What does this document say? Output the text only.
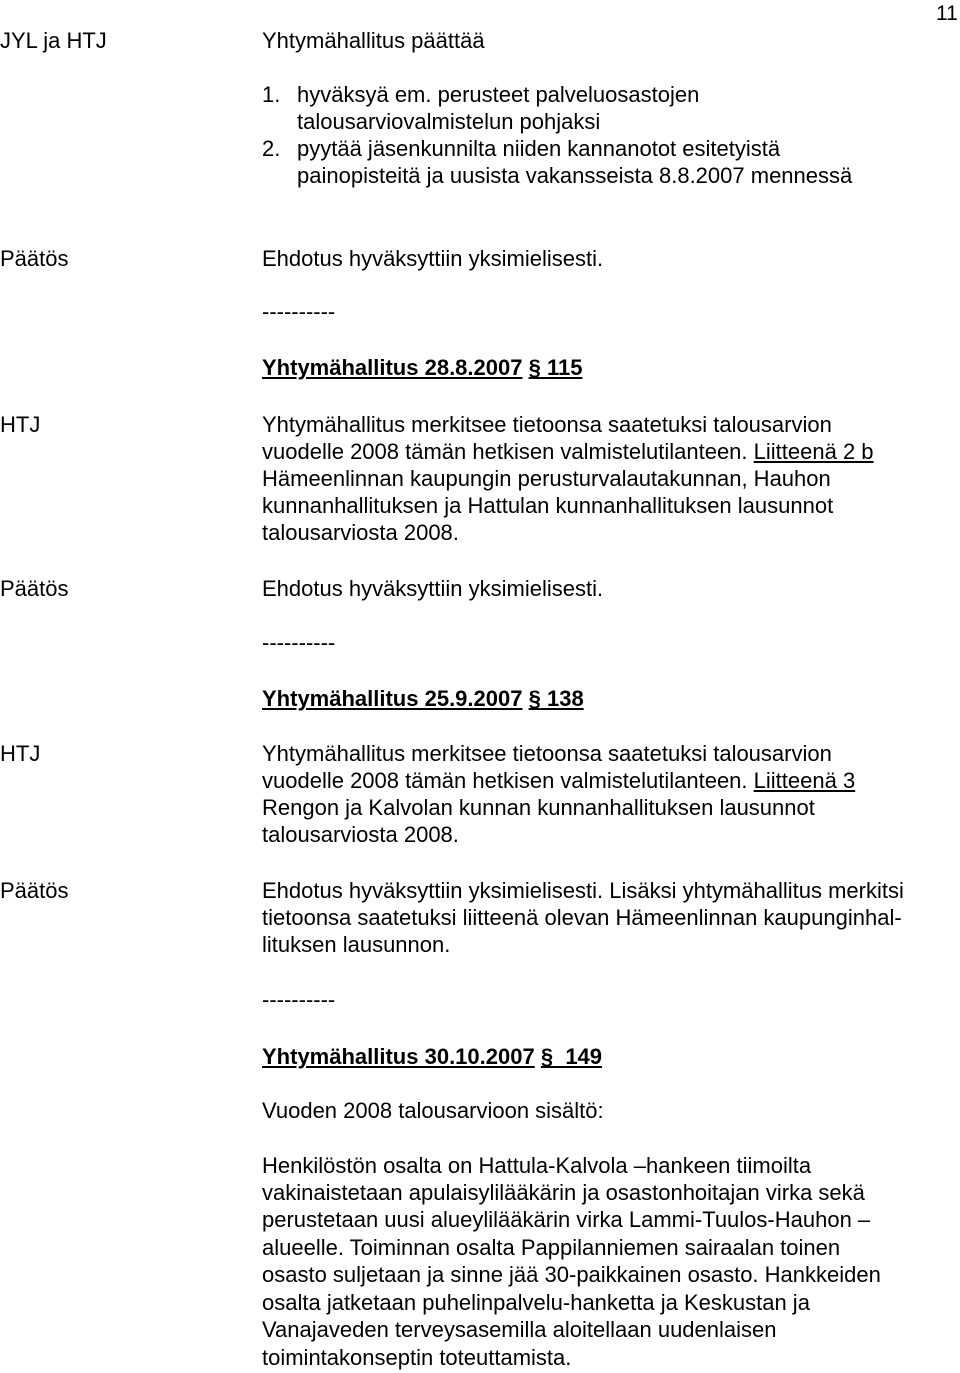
11
JYL ja HTJ	Yhtymähallitus päättää
1. hyväksyä em. perusteet palveluosastojen
talousarviovalmistelun pohjaksi
2. pyytää jäsenkunnilta niiden kannanotot esitetyistä
painopisteitä ja uusista vakansseista 8.8.2007 mennessä
Päätös	Ehdotus hyväksyttiin yksimielisesti.
----------
Yhtymähallitus 28.8.2007 § 115
HTJ	Yhtymähallitus merkitsee tietoonsa saatetuksi talousarvion
vuodelle 2008 tämän hetkisen valmistelutilanteen. Liitteenä 2 b
Hämeenlinnan kaupungin perusturvalautakunnan, Hauhon
kunnanhallituksen ja Hattulan kunnanhallituksen lausunnot
talousarviosta 2008.
Päätös	Ehdotus hyväksyttiin yksimielisesti.
----------
Yhtymähallitus 25.9.2007 § 138
HTJ	Yhtymähallitus merkitsee tietoonsa saatetuksi talousarvion
vuodelle 2008 tämän hetkisen valmistelutilanteen. Liitteenä 3
Rengon ja Kalvolan kunnan kunnanhallituksen lausunnot
talousarviosta 2008.
Päätös	Ehdotus hyväksyttiin yksimielisesti. Lisäksi yhtymähallitus merkitsi
tietoonsa saatetuksi liitteenä olevan Hämeenlinnan kaupunginhal-
lituksen lausunnon.
----------
Yhtymähallitus 30.10.2007 § 149
Vuoden 2008 talousarvioon sisältö:
Henkilöstön osalta on Hattula-Kalvola –hankeen tiimoilta
vakinaistetaan apulaisylilääkärin ja osastonhoitajan virka sekä
perustetaan uusi alueylilääkärin virka Lammi-Tuulos-Hauhon –
alueelle. Toiminnan osalta Pappilanniemen sairaalan toinen
osasto suljetaan ja sinne jää 30-paikkainen osasto. Hankkeiden
osalta jatketaan puhelinpalvelu-hanketta ja Keskustan ja
Vanajaveden terveysasemilla aloitellaan uudenlaisen
toimintakonseptin toteuttamista.
